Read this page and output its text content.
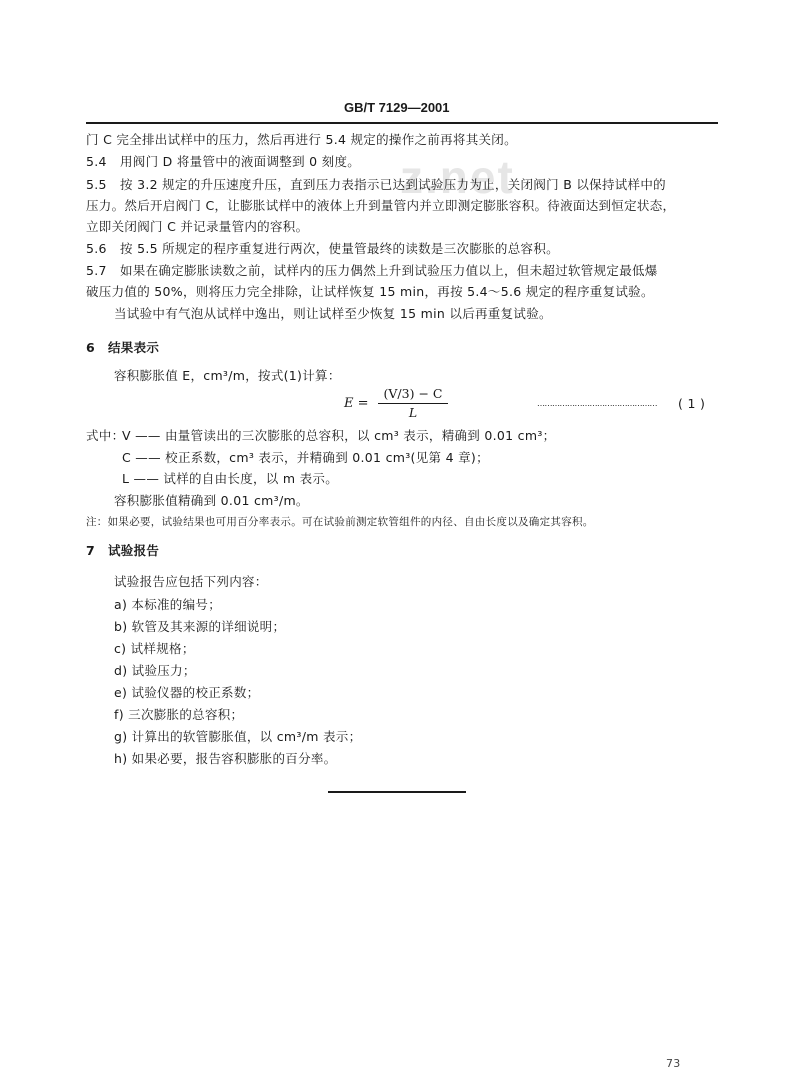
z.net
GB/T 7129—2001
门 C 完全排出试样中的压力，然后再进行 5.4 规定的操作之前再将其关闭。
5.4 用阀门 D 将量管中的液面调整到 0 刻度。
5.5 按 3.2 规定的升压速度升压，直到压力表指示已达到试验压力为止，关闭阀门 B 以保持试样中的
压力。然后开启阀门 C，让膨胀试样中的液体上升到量管内并立即测定膨胀容积。待液面达到恒定状态，
立即关闭阀门 C 并记录量管内的容积。
5.6 按 5.5 所规定的程序重复进行两次，使量管最终的读数是三次膨胀的总容积。
5.7 如果在确定膨胀读数之前，试样内的压力偶然上升到试验压力值以上，但未超过软管规定最低爆
破压力值的 50%，则将压力完全排除，让试样恢复 15 min，再按 5.4～5.6 规定的程序重复试验。
当试验中有气泡从试样中逸出，则让试样至少恢复 15 min 以后再重复试验。
6 结果表示
容积膨胀值 E，cm³/m，按式(1)计算：
E =
(V/3) − C
L
………………………………………… ( 1 )
式中：
V —— 由量管读出的三次膨胀的总容积，以 cm³ 表示，精确到 0.01 cm³；
C —— 校正系数，cm³ 表示，并精确到 0.01 cm³(见第 4 章)；
L —— 试样的自由长度，以 m 表示。
容积膨胀值精确到 0.01 cm³/m。
注：如果必要，试验结果也可用百分率表示。可在试验前测定软管组件的内径、自由长度以及确定其容积。
7 试验报告
试验报告应包括下列内容：
a) 本标准的编号；
b) 软管及其来源的详细说明；
c) 试样规格；
d) 试验压力；
e) 试验仪器的校正系数；
f) 三次膨胀的总容积；
g) 计算出的软管膨胀值，以 cm³/m 表示；
h) 如果必要，报告容积膨胀的百分率。
73
